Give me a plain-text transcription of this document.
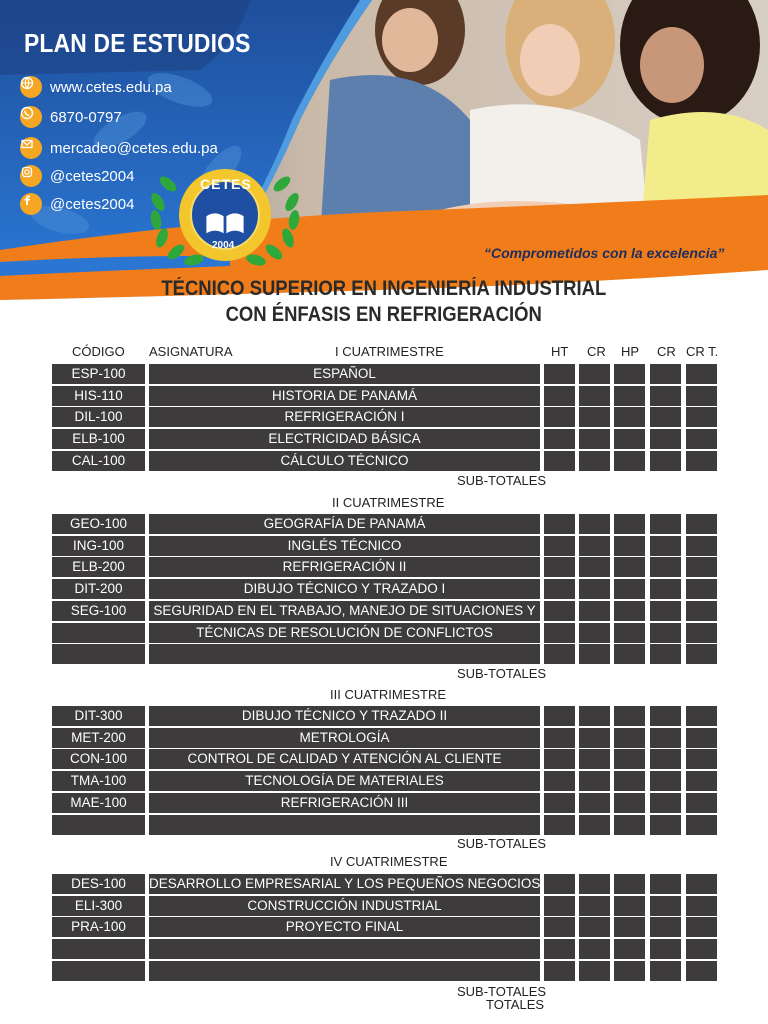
PLAN DE ESTUDIOS
www.cetes.edu.pa
6870-0797
mercadeo@cetes.edu.pa
@cetes2004
@cetes2004
CETES
2004	“Comprometidos con la excelencia”
TÉCNICO SUPERIOR EN INGENIERÍA INDUSTRIAL
CON ÉNFASIS EN REFRIGERACIÓN
CÓDIGO ASIGNATURA	I CUATRIMESTRE	HT CR HP CR CR T.
ESP-100	ESPAÑOL
HIS-110	HISTORIA DE PANAMÁ
DIL-100	REFRIGERACIÓN I
ELB-100	ELECTRICIDAD BÁSICA
CAL-100	CÁLCULO TÉCNICO
SUB-TOTALES
II CUATRIMESTRE
GEO-100	GEOGRAFÍA DE PANAMÁ
ING-100	INGLÉS TÉCNICO
ELB-200	REFRIGERACIÓN II
DIT-200	DIBUJO TÉCNICO Y TRAZADO I
SEG-100	SEGURIDAD EN EL TRABAJO, MANEJO DE SITUACIONES Y
TÉCNICAS DE RESOLUCIÓN DE CONFLICTOS
SUB-TOTALES
III CUATRIMESTRE
DIT-300	DIBUJO TÉCNICO Y TRAZADO II
MET-200	METROLOGÍA
CON-100	CONTROL DE CALIDAD Y ATENCIÓN AL CLIENTE
TMA-100	TECNOLOGÍA DE MATERIALES
MAE-100	REFRIGERACIÓN III
SUB-TOTALES
IV CUATRIMESTRE
DES-100	DESARROLLO EMPRESARIAL Y LOS PEQUEÑOS NEGOCIOS
ELI-300	CONSTRUCCIÓN INDUSTRIAL
PRA-100	PROYECTO FINAL
SUB-TOTALES
TOTALES
